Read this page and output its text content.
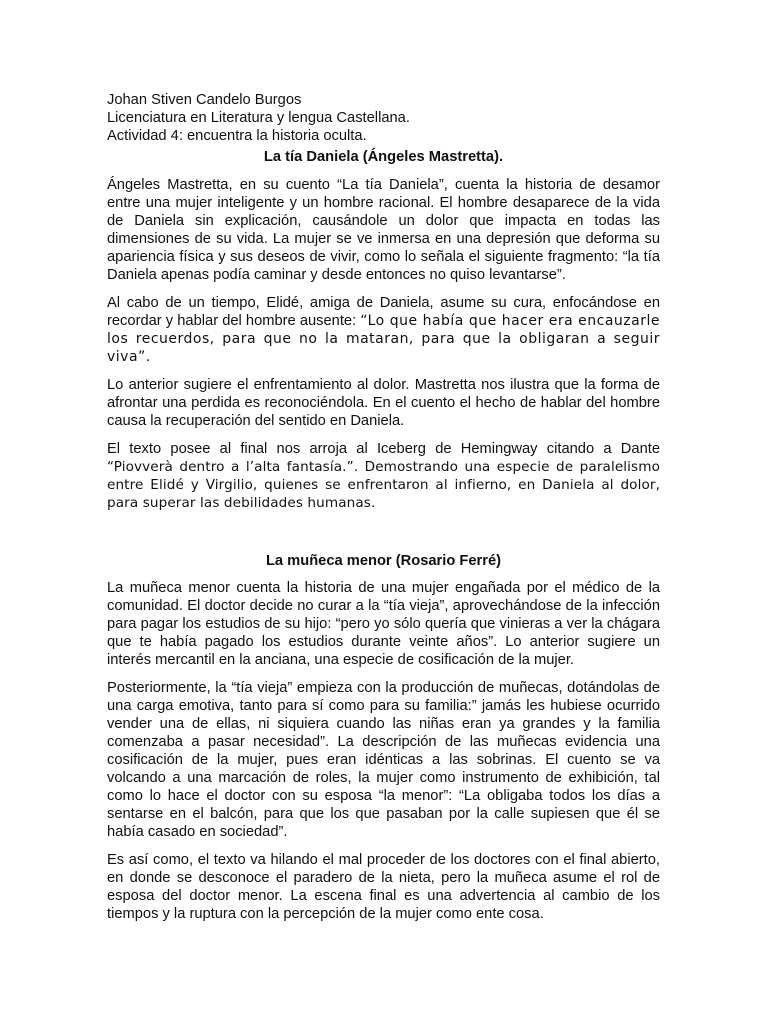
Johan Stiven Candelo Burgos
Licenciatura en Literatura y lengua Castellana.
Actividad 4: encuentra la historia oculta.
La tía Daniela (Ángeles Mastretta).

Ángeles Mastretta, en su cuento “La tía Daniela”, cuenta la historia de desamor entre una mujer inteligente y un hombre racional. El hombre desaparece de la vida de Daniela sin explicación, causándole un dolor que impacta en todas las dimensiones de su vida. La mujer se ve inmersa en una depresión que deforma su apariencia física y sus deseos de vivir, como lo señala el siguiente fragmento: “la tía Daniela apenas podía caminar y desde entonces no quiso levantarse”.

Al cabo de un tiempo, Elidé, amiga de Daniela, asume su cura, enfocándose en recordar y hablar del hombre ausente: “Lo que había que hacer era encauzarle los recuerdos, para que no la mataran, para que la obligaran a seguir viva”.

Lo anterior sugiere el enfrentamiento al dolor. Mastretta nos ilustra que la forma de afrontar una perdida es reconociéndola. En el cuento el hecho de hablar del hombre causa la recuperación del sentido en Daniela.

El texto posee al final nos arroja al Iceberg de Hemingway citando a Dante “Piovverà dentro a l’alta fantasía.”. Demostrando una especie de paralelismo entre Elidé y Virgilio, quienes se enfrentaron al infierno, en Daniela al dolor, para superar las debilidades humanas.

La muñeca menor (Rosario Ferré)

La muñeca menor cuenta la historia de una mujer engañada por el médico de la comunidad. El doctor decide no curar a la “tía vieja”, aprovechándose de la infección para pagar los estudios de su hijo: “pero yo sólo quería que vinieras a ver la chágara que te había pagado los estudios durante veinte años”. Lo anterior sugiere un interés mercantil en la anciana, una especie de cosificación de la mujer.

Posteriormente, la “tía vieja” empieza con la producción de muñecas, dotándolas de una carga emotiva, tanto para sí como para su familia:” jamás les hubiese ocurrido vender una de ellas, ni siquiera cuando las niñas eran ya grandes y la familia comenzaba a pasar necesidad”. La descripción de las muñecas evidencia una cosificación de la mujer, pues eran idénticas a las sobrinas. El cuento se va volcando a una marcación de roles, la mujer como instrumento de exhibición, tal como lo hace el doctor con su esposa “la menor”: “La obligaba todos los días a sentarse en el balcón, para que los que pasaban por la calle supiesen que él se había casado en sociedad”.

Es así como, el texto va hilando el mal proceder de los doctores con el final abierto, en donde se desconoce el paradero de la nieta, pero la muñeca asume el rol de esposa del doctor menor. La escena final es una advertencia al cambio de los tiempos y la ruptura con la percepción de la mujer como ente cosa.
